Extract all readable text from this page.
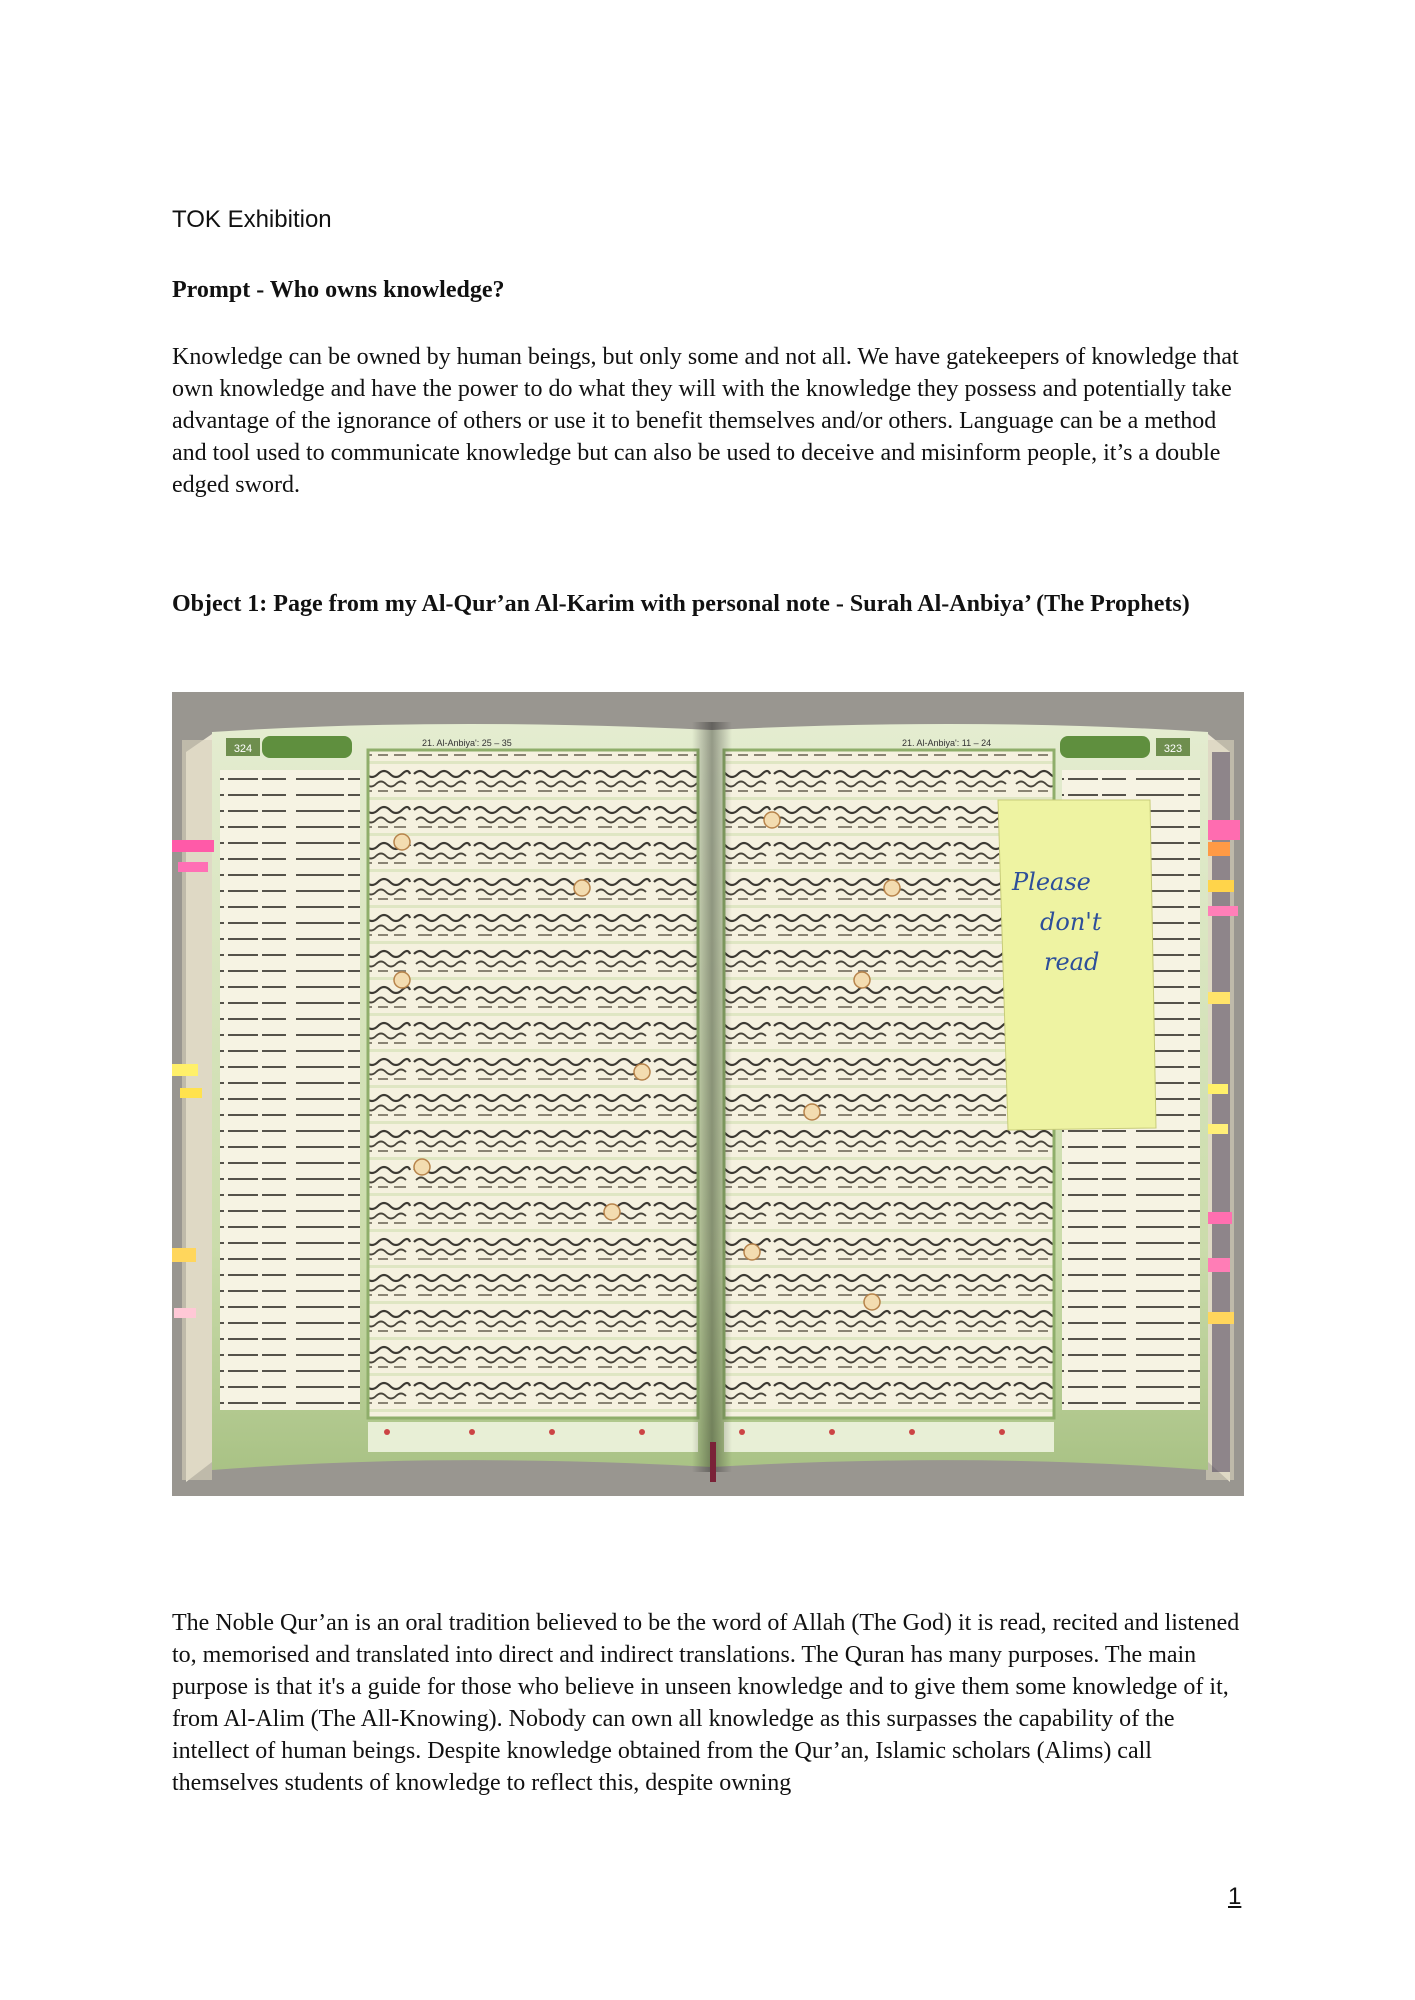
TOK Exhibition
Prompt - Who owns knowledge?
Knowledge can be owned by human beings, but only some and not all. We have gatekeepers of knowledge that own knowledge and have the power to do what they will with the knowledge they possess and potentially take advantage of the ignorance of others or use it to benefit themselves and/or others. Language can be a method and tool used to communicate knowledge but can also be used to deceive and misinform people, it’s a double edged sword.
Object 1: Page from my Al-Qur’an Al-Karim with personal note - Surah Al-Anbiya’ (The Prophets)
324	21. Al-Anbiya': 25 – 35	323
21. Al-Anbiya': 11 – 24
Please
don't
read
The Noble Qur’an is an oral tradition believed to be the word of Allah (The God) it is read, recited and listened to, memorised and translated into direct and indirect translations. The Quran has many purposes. The main purpose is that it's a guide for those who believe in unseen knowledge and to give them some knowledge of it, from Al-Alim (The All-Knowing). Nobody can own all knowledge as this surpasses the capability of the intellect of human beings. Despite knowledge obtained from the Qur’an, Islamic scholars (Alims) call themselves students of knowledge to reflect this, despite owning
1
